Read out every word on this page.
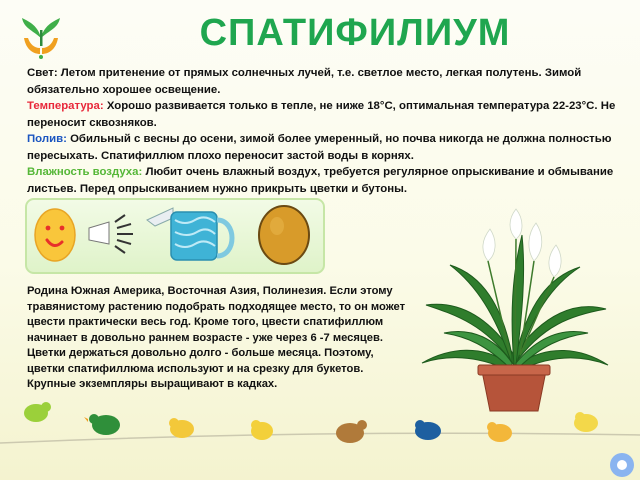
СПАТИФИЛИУМ

Свет: Летом притенение от прямых солнечных лучей, т.е. светлое место, легкая полутень. Зимой обязательно хорошее освещение.

Температура: Хорошо развивается только в тепле, не ниже 18°С, оптимальная температура 22-23°С. Не переносит сквозняков.

Полив: Обильный с весны до осени, зимой более умеренный, но почва никогда не должна полностью пересыхать. Спатифиллюм плохо переносит застой воды в корнях.

Влажность воздуха: Любит очень влажный воздух, требуется регулярное опрыскивание и обмывание листьев. Перед опрыскиванием нужно прикрыть цветки и бутоны.

Родина Южная Америка, Восточная Азия, Полинезия. Если этому травянистому растению подобрать подходящее место, то он может цвести практически весь год. Кроме того, цвести спатифиллюм начинает в довольно раннем возрасте - уже через 6 -7 месяцев. Цветки держаться довольно долго - больше месяца. Поэтому, цветки спатифиллюма используют и на срезку для букетов. Крупные экземпляры выращивают в кадках.
